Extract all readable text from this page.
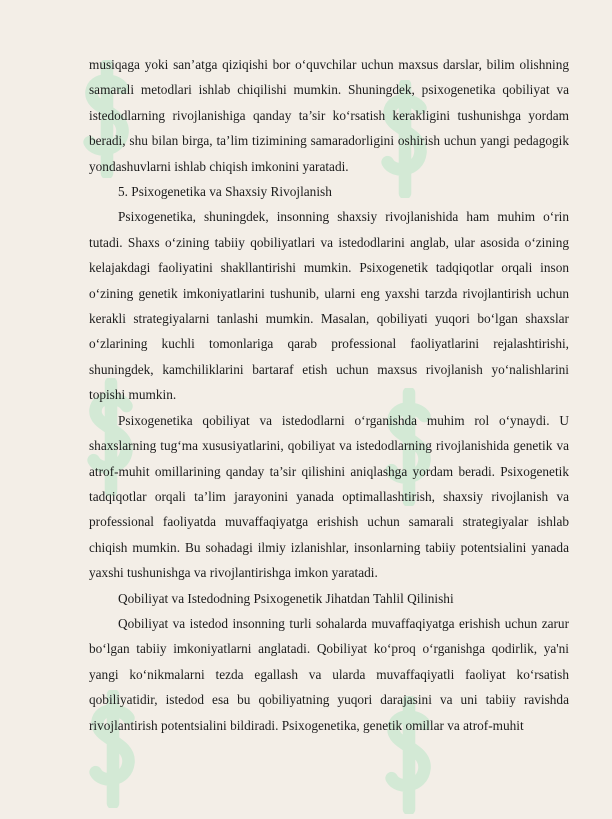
musiqaga yoki san’atga qiziqishi bor o‘quvchilar uchun maxsus darslar, bilim olishning samarali metodlari ishlab chiqilishi mumkin. Shuningdek, psixogenetika qobiliyat va istedodlarning rivojlanishiga qanday ta’sir ko‘rsatish kerakligini tushunishga yordam beradi, shu bilan birga, ta’lim tizimining samaradorligini oshirish uchun yangi pedagogik yondashuvlarni ishlab chiqish imkonini yaratadi.

5. Psixogenetika va Shaxsiy Rivojlanish

Psixogenetika, shuningdek, insonning shaxsiy rivojlanishida ham muhim o‘rin tutadi. Shaxs o‘zining tabiiy qobiliyatlari va istedodlarini anglab, ular asosida o‘zining kelajakdagi faoliyatini shakllantirishi mumkin. Psixogenetik tadqiqotlar orqali inson o‘zining genetik imkoniyatlarini tushunib, ularni eng yaxshi tarzda rivojlantirish uchun kerakli strategiyalarni tanlashi mumkin. Masalan, qobiliyati yuqori bo‘lgan shaxslar o‘zlarining kuchli tomonlariga qarab professional faoliyatlarini rejalashtirishi, shuningdek, kamchiliklarini bartaraf etish uchun maxsus rivojlanish yo‘nalishlarini topishi mumkin.

Psixogenetika qobiliyat va istedodlarni o‘rganishda muhim rol o‘ynaydi. U shaxslarning tug‘ma xususiyatlarini, qobiliyat va istedodlarning rivojlanishida genetik va atrof-muhit omillarining qanday ta’sir qilishini aniqlashga yordam beradi. Psixogenetik tadqiqotlar orqali ta’lim jarayonini yanada optimallashtirish, shaxsiy rivojlanish va professional faoliyatda muvaffaqiyatga erishish uchun samarali strategiyalar ishlab chiqish mumkin. Bu sohadagi ilmiy izlanishlar, insonlarning tabiiy potentsialini yanada yaxshi tushunishga va rivojlantirishga imkon yaratadi.

Qobiliyat va Istedodning Psixogenetik Jihatdan Tahlil Qilinishi

Qobiliyat va istedod insonning turli sohalarda muvaffaqiyatga erishish uchun zarur bo‘lgan tabiiy imkoniyatlarni anglatadi. Qobiliyat ko‘proq o‘rganishga qodirlik, ya'ni yangi ko‘nikmalarni tezda egallash va ularda muvaffaqiyatli faoliyat ko‘rsatish qobiliyatidir, istedod esa bu qobiliyatning yuqori darajasini va uni tabiiy ravishda rivojlantirish potentsialini bildiradi. Psixogenetika, genetik omillar va atrof-muhit
